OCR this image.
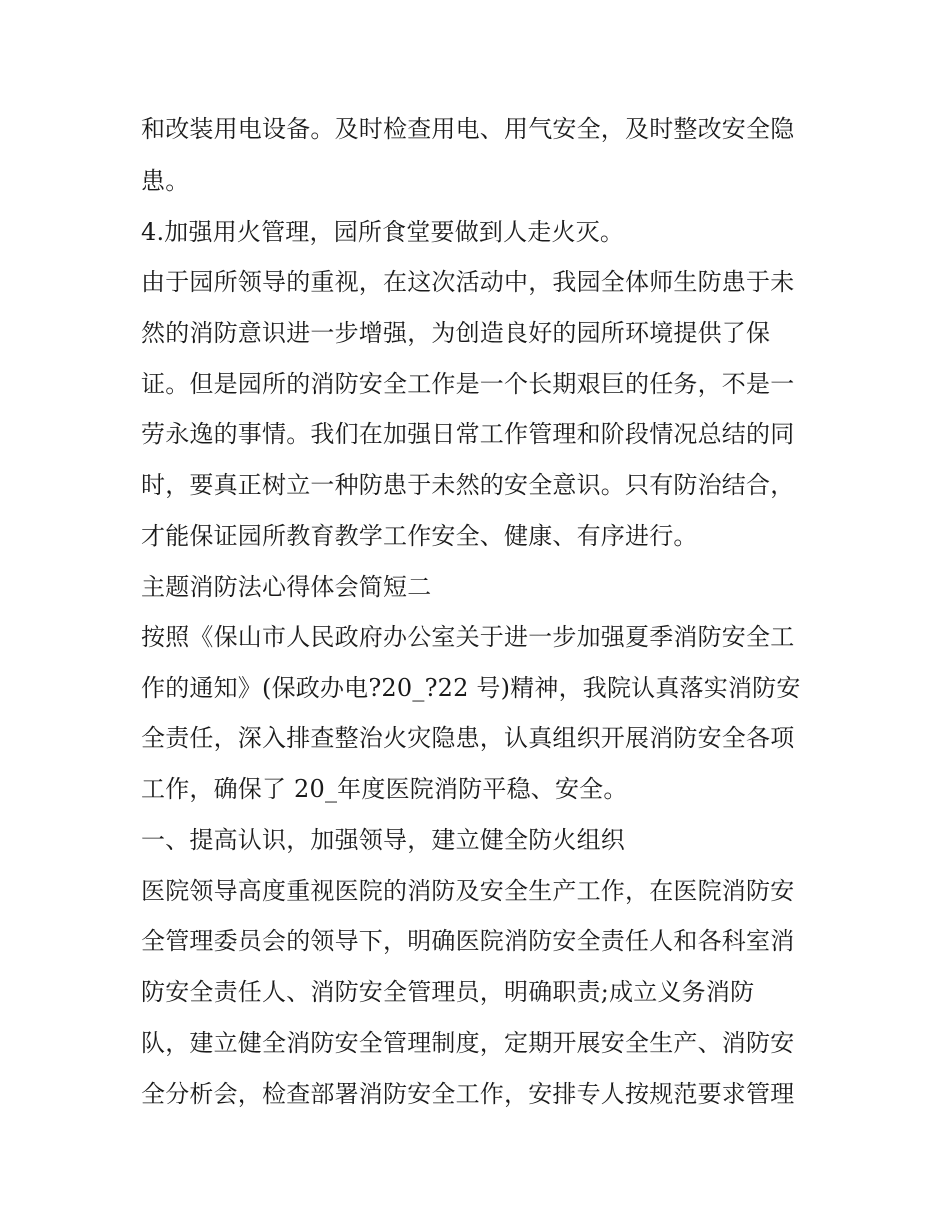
和改装用电设备。及时检查用电、用气安全，及时整改安全隐
患。
4.加强用火管理，园所食堂要做到人走火灭。
由于园所领导的重视，在这次活动中，我园全体师生防患于未
然的消防意识进一步增强，为创造良好的园所环境提供了保
证。但是园所的消防安全工作是一个长期艰巨的任务，不是一
劳永逸的事情。我们在加强日常工作管理和阶段情况总结的同
时，要真正树立一种防患于未然的安全意识。只有防治结合，
才能保证园所教育教学工作安全、健康、有序进行。
主题消防法心得体会简短二
按照《保山市人民政府办公室关于进一步加强夏季消防安全工
作的通知》(保政办电?20_?22 号)精神，我院认真落实消防安
全责任，深入排查整治火灾隐患，认真组织开展消防安全各项
工作，确保了 20_年度医院消防平稳、安全。
一、提高认识，加强领导，建立健全防火组织
医院领导高度重视医院的消防及安全生产工作，在医院消防安
全管理委员会的领导下，明确医院消防安全责任人和各科室消
防安全责任人、消防安全管理员，明确职责;成立义务消防
队，建立健全消防安全管理制度，定期开展安全生产、消防安
全分析会，检查部署消防安全工作，安排专人按规范要求管理
